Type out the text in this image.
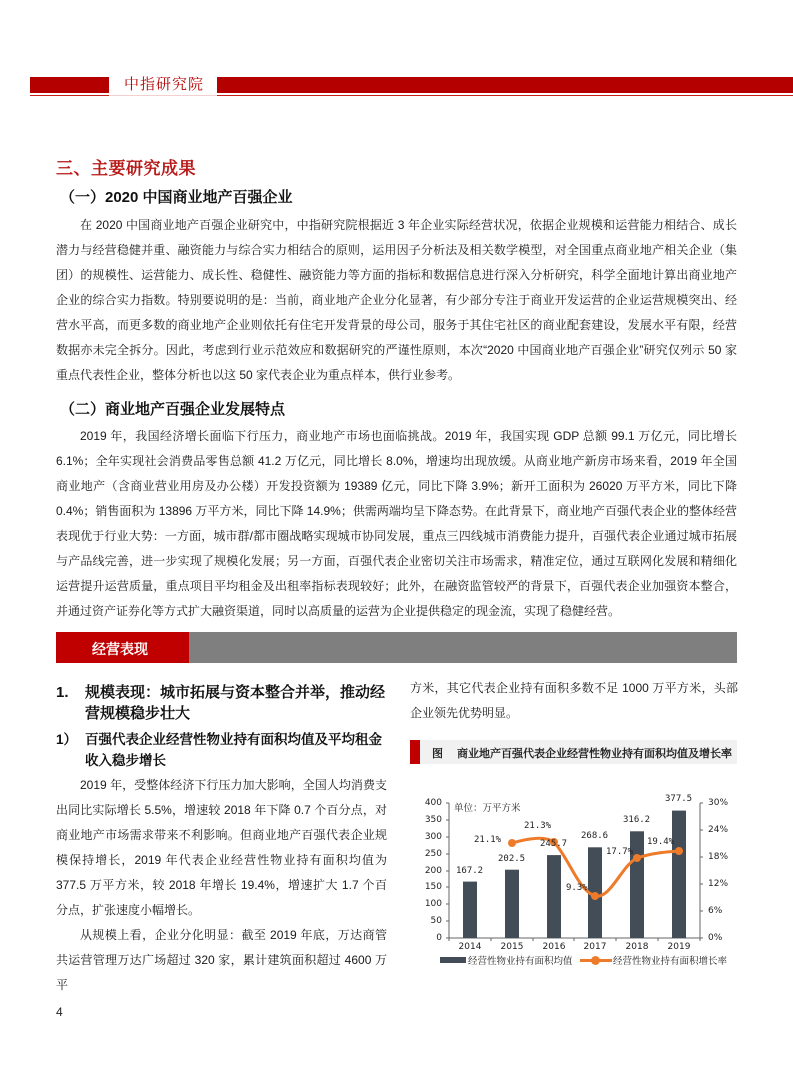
中指研究院
三、主要研究成果
（一）2020 中国商业地产百强企业
在 2020 中国商业地产百强企业研究中，中指研究院根据近 3 年企业实际经营状况，依据企业规模和运营能力相结合、成长潜力与经营稳健并重、融资能力与综合实力相结合的原则，运用因子分析法及相关数学模型，对全国重点商业地产相关企业（集团）的规模性、运营能力、成长性、稳健性、融资能力等方面的指标和数据信息进行深入分析研究，科学全面地计算出商业地产企业的综合实力指数。特别要说明的是：当前，商业地产企业分化显著，有少部分专注于商业开发运营的企业运营规模突出、经营水平高，而更多数的商业地产企业则依托有住宅开发背景的母公司，服务于其住宅社区的商业配套建设，发展水平有限，经营数据亦未完全拆分。因此，考虑到行业示范效应和数据研究的严谨性原则，本次“2020 中国商业地产百强企业”研究仅列示 50 家重点代表性企业，整体分析也以这 50 家代表企业为重点样本，供行业参考。
（二）商业地产百强企业发展特点
2019 年，我国经济增长面临下行压力，商业地产市场也面临挑战。2019 年，我国实现 GDP 总额 99.1 万亿元，同比增长 6.1%；全年实现社会消费品零售总额 41.2 万亿元，同比增长 8.0%，增速均出现放缓。从商业地产新房市场来看，2019 年全国商业地产（含商业营业用房及办公楼）开发投资额为 19389 亿元，同比下降 3.9%；新开工面积为 26020 万平方米，同比下降 0.4%；销售面积为 13896 万平方米，同比下降 14.9%；供需两端均呈下降态势。在此背景下，商业地产百强代表企业的整体经营表现优于行业大势：一方面，城市群/都市圈战略实现城市协同发展，重点三四线城市消费能力提升，百强代表企业通过城市拓展与产品线完善，进一步实现了规模化发展；另一方面，百强代表企业密切关注市场需求，精准定位，通过互联网化发展和精细化运营提升运营质量，重点项目平均租金及出租率指标表现较好；此外，在融资监管较严的背景下，百强代表企业加强资本整合，并通过资产证券化等方式扩大融资渠道，同时以高质量的运营为企业提供稳定的现金流，实现了稳健经营。
经营表现
1. 规模表现：城市拓展与资本整合并举，推动经营规模稳步壮大
1） 百强代表企业经营性物业持有面积均值及平均租金收入稳步增长
2019 年，受整体经济下行压力加大影响，全国人均消费支出同比实际增长 5.5%，增速较 2018 年下降 0.7 个百分点，对商业地产市场需求带来不利影响。但商业地产百强代表企业规模保持增长，2019 年代表企业经营性物业持有面积均值为 377.5 万平方米，较 2018 年增长 19.4%，增速扩大 1.7 个百分点，扩张速度小幅增长。
从规模上看，企业分化明显：截至 2019 年底，万达商管共运营管理万达广场超过 320 家，累计建筑面积超过 4600 万平
方米，其它代表企业持有面积多数不足 1000 万平方米，头部企业领先优势明显。
图 商业地产百强代表企业经营性物业持有面积均值及增长率
单位：万平方米
400
350
300
250
200
150
100
50
0
30%
24%
18%
12%
6%
0%
2014	2015	2016	2017	2018	2019
167.2
202.5
245.7
268.6
316.2
377.5
21.1%
21.3%
9.3%
17.7%
19.4%
经营性物业持有面积均值	经营性物业持有面积增长率
4
